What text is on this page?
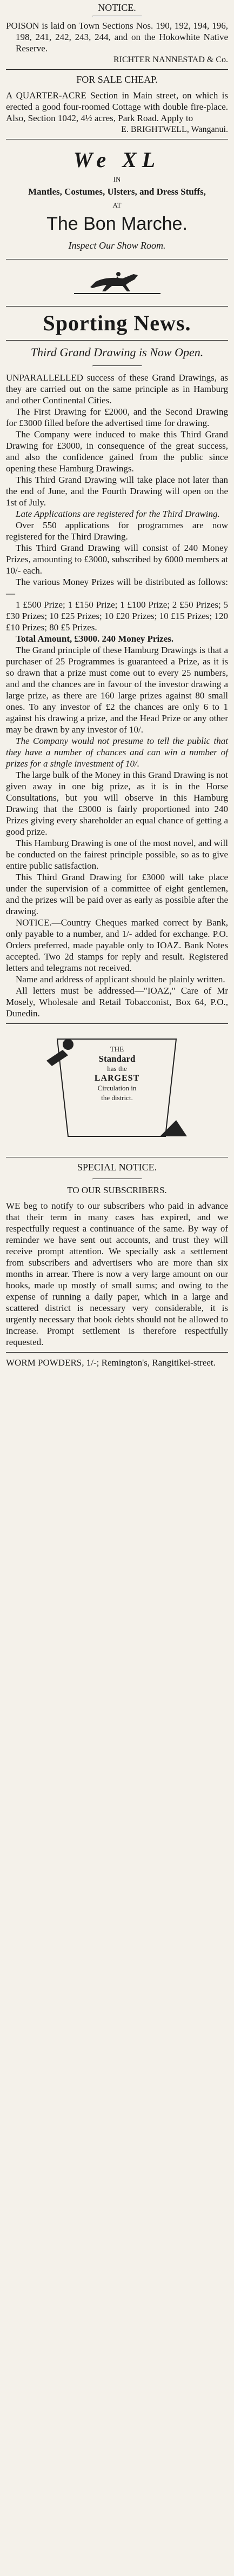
NOTICE.

POISON is laid on Town Sections Nos. 190, 192, 194, 196, 198, 241, 242, 243, 244, and on the Hokowhite Native Reserve.

RICHTER NANNESTAD & Co.

FOR SALE CHEAP.

A QUARTER-ACRE Section in Main street, on which is erected a good four-roomed Cottage with double fire-place. Also, Section 1042, 4½ acres, Park Road. Apply to

E. BRIGHTWELL, Wanganui.

We XL

IN

Mantles, Costumes, Ulsters, and Dress Stuffs,

AT

The Bon Marche.

Inspect Our Show Room.

Sporting News.

Third Grand Drawing is Now Open.

UNPARALLELLED success of these Grand Drawings, as they are carried out on the same principle as in Hamburg and other Continental Cities.

The First Drawing for £2000, and the Second Drawing for £3000 filled before the advertised time for drawing.

The Company were induced to make this Third Grand Drawing for £3000, in consequence of the great success, and also the confidence gained from the public since opening these Hamburg Drawings.

This Third Grand Drawing will take place not later than the end of June, and the Fourth Drawing will open on the 1st of July.

Late Applications are registered for the Third Drawing.

Over 550 applications for programmes are now registered for the Third Drawing.

This Third Grand Drawing will consist of 240 Money Prizes, amounting to £3000, subscribed by 6000 members at 10/- each.

The various Money Prizes will be distributed as follows:—

1 £500 Prize; 1 £150 Prize; 1 £100 Prize; 2 £50 Prizes; 5 £30 Prizes; 10 £25 Prizes; 10 £20 Prizes; 10 £15 Prizes; 120 £10 Prizes; 80 £5 Prizes.

Total Amount, £3000. 240 Money Prizes.

The Grand principle of these Hamburg Drawings is that a purchaser of 25 Programmes is guaranteed a Prize, as it is so drawn that a prize must come out to every 25 numbers, and and the chances are in favour of the investor drawing a large prize, as there are 160 large prizes against 80 small ones. To any investor of £2 the chances are only 6 to 1 against his drawing a prize, and the Head Prize or any other may be drawn by any investor of 10/.

The Company would not presume to tell the public that they have a number of chances and can win a number of prizes for a single investment of 10/.

The large bulk of the Money in this Grand Drawing is not given away in one big prize, as it is in the Horse Consultations, but you will observe in this Hamburg Drawing that the £3000 is fairly proportioned into 240 Prizes giving every shareholder an equal chance of getting a good prize.

This Hamburg Drawing is one of the most novel, and will be conducted on the fairest principle possible, so as to give entire public satisfaction.

This Third Grand Drawing for £3000 will take place under the supervision of a committee of eight gentlemen, and the prizes will be paid over as early as possible after the drawing.

NOTICE.—Country Cheques marked correct by Bank, only payable to a number, and 1/- added for exchange. P.O. Orders preferred, made payable only to IOAZ. Bank Notes accepted. Two 2d stamps for reply and result. Registered letters and telegrams not received.

Name and address of applicant should be plainly written.

All letters must be addressed—"IOAZ," Care of Mr Mosely, Wholesale and Retail Tobacconist, Box 64, P.O., Dunedin.

THE

Standard

has the

LARGEST

Circulation in

the district.

SPECIAL NOTICE.

TO OUR SUBSCRIBERS.

WE beg to notify to our subscribers who paid in advance that their term in many cases has expired, and we respectfully request a continuance of the same. By way of reminder we have sent out accounts, and trust they will receive prompt attention. We specially ask a settlement from subscribers and advertisers who are more than six months in arrear. There is now a very large amount on our books, made up mostly of small sums; and owing to the expense of running a daily paper, which in a large and scattered district is necessary very considerable, it is urgently necessary that book debts should not be allowed to increase. Prompt settlement is therefore respectfully requested.

WORM POWDERS, 1/-; Remington's, Rangitikei-street.
